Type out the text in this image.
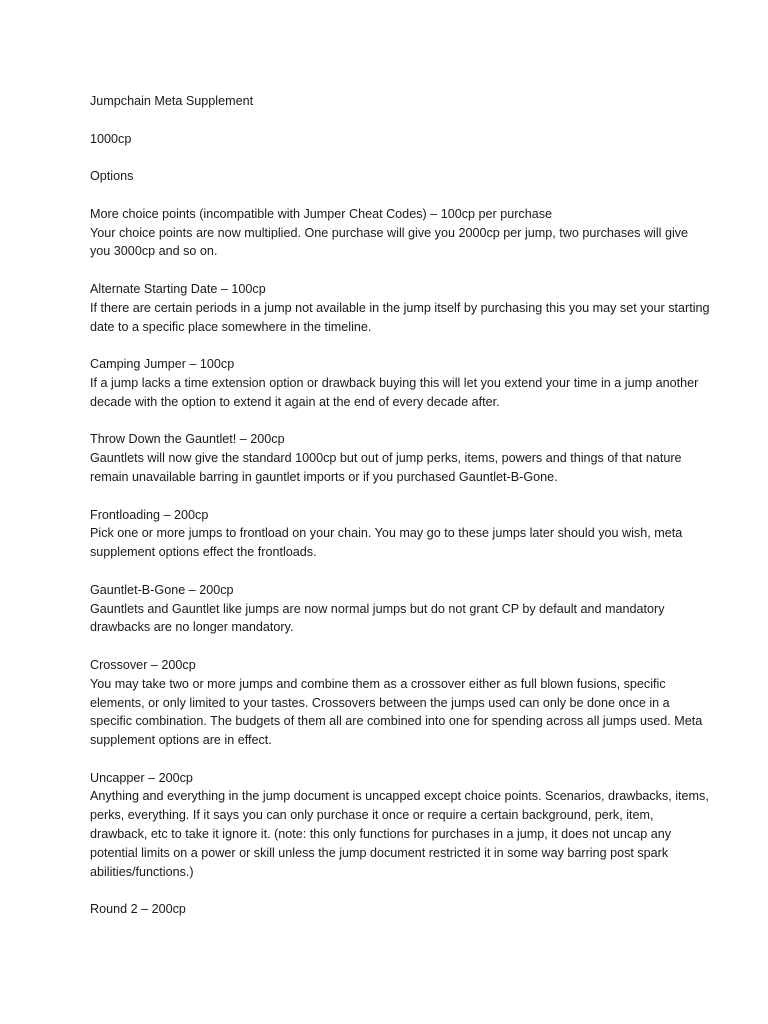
Jumpchain Meta Supplement

1000cp

Options

More choice points (incompatible with Jumper Cheat Codes) – 100cp per purchase

Your choice points are now multiplied. One purchase will give you 2000cp per jump, two purchases will give you 3000cp and so on.

Alternate Starting Date – 100cp

If there are certain periods in a jump not available in the jump itself by purchasing this you may set your starting date to a specific place somewhere in the timeline.

Camping Jumper – 100cp

If a jump lacks a time extension option or drawback buying this will let you extend your time in a jump another decade with the option to extend it again at the end of every decade after.

Throw Down the Gauntlet! – 200cp

Gauntlets will now give the standard 1000cp but out of jump perks, items, powers and things of that nature remain unavailable barring in gauntlet imports or if you purchased Gauntlet-B-Gone.

Frontloading – 200cp

Pick one or more jumps to frontload on your chain. You may go to these jumps later should you wish, meta supplement options effect the frontloads.

Gauntlet-B-Gone – 200cp

Gauntlets and Gauntlet like jumps are now normal jumps but do not grant CP by default and mandatory drawbacks are no longer mandatory.

Crossover – 200cp

You may take two or more jumps and combine them as a crossover either as full blown fusions, specific elements, or only limited to your tastes. Crossovers between the jumps used can only be done once in a specific combination. The budgets of them all are combined into one for spending across all jumps used. Meta supplement options are in effect.

Uncapper – 200cp

Anything and everything in the jump document is uncapped except choice points. Scenarios, drawbacks, items, perks, everything. If it says you can only purchase it once or require a certain background, perk, item, drawback, etc to take it ignore it. (note: this only functions for purchases in a jump, it does not uncap any potential limits on a power or skill unless the jump document restricted it in some way barring post spark abilities/functions.)

Round 2 – 200cp
